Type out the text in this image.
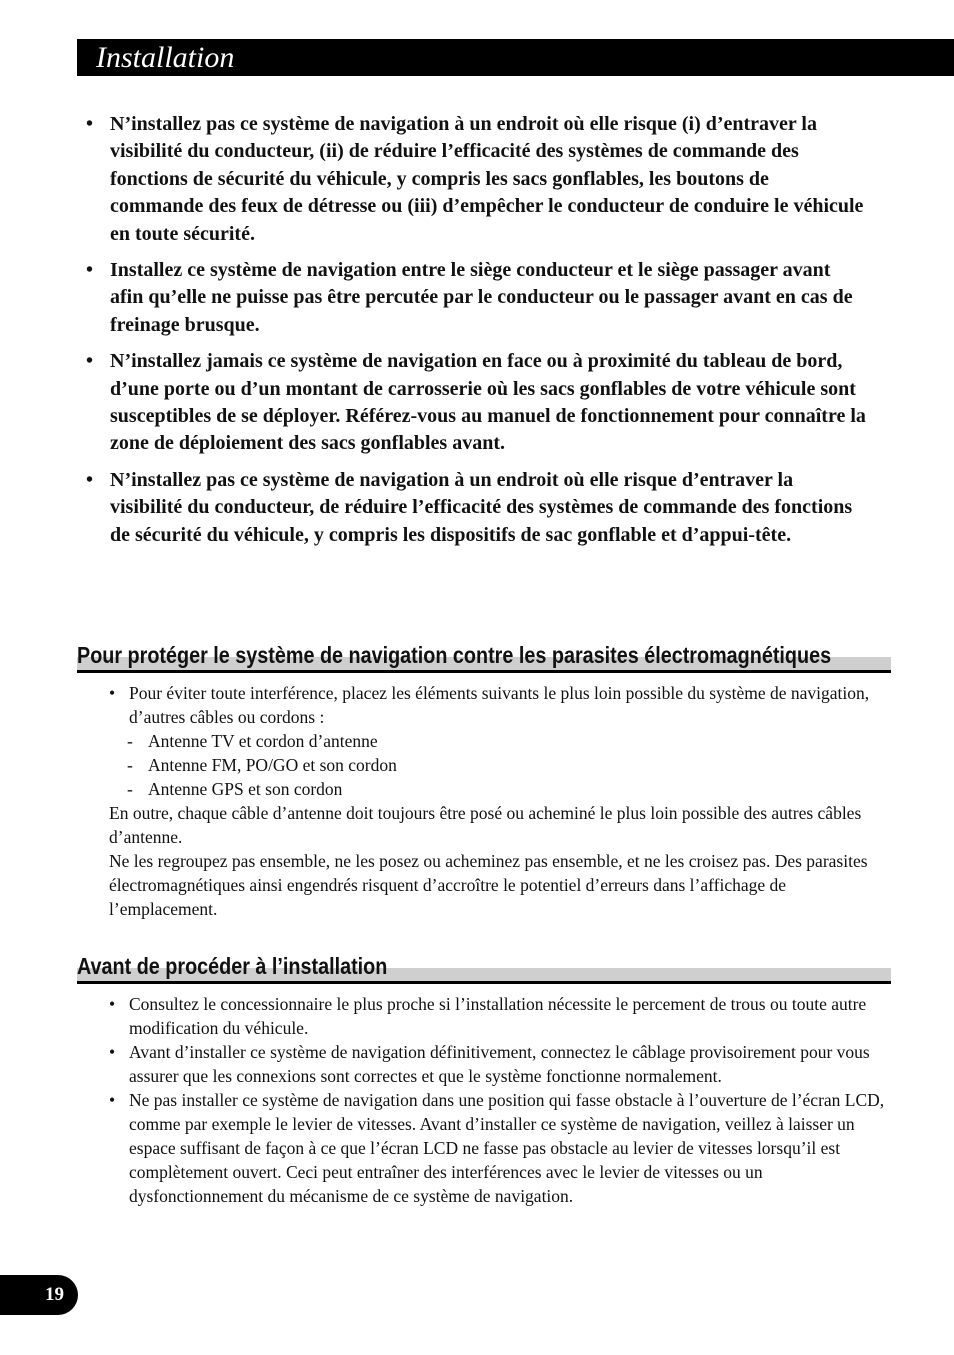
Installation
• N’installez pas ce système de navigation à un endroit où elle risque (i) d’entraver la visibilité du conducteur, (ii) de réduire l’efficacité des systèmes de commande des fonctions de sécurité du véhicule, y compris les sacs gonflables, les boutons de commande des feux de détresse ou (iii) d’empêcher le conducteur de conduire le véhicule en toute sécurité.
• Installez ce système de navigation entre le siège conducteur et le siège passager avant afin qu’elle ne puisse pas être percutée par le conducteur ou le passager avant en cas de freinage brusque.
• N’installez jamais ce système de navigation en face ou à proximité du tableau de bord, d’une porte ou d’un montant de carrosserie où les sacs gonflables de votre véhicule sont susceptibles de se déployer. Référez-vous au manuel de fonctionnement pour connaître la zone de déploiement des sacs gonflables avant.
• N’installez pas ce système de navigation à un endroit où elle risque d’entraver la visibilité du conducteur, de réduire l’efficacité des systèmes de commande des fonctions de sécurité du véhicule, y compris les dispositifs de sac gonflable et d’appui-tête.
Pour protéger le système de navigation contre les parasites électromagnétiques

• Pour éviter toute interférence, placez les éléments suivants le plus loin possible du système de navigation, d’autres câbles ou cordons :

- Antenne TV et cordon d’antenne

- Antenne FM, PO/GO et son cordon

- Antenne GPS et son cordon

En outre, chaque câble d’antenne doit toujours être posé ou acheminé le plus loin possible des autres câbles d’antenne.

Ne les regroupez pas ensemble, ne les posez ou acheminez pas ensemble, et ne les croisez pas. Des parasites électromagnétiques ainsi engendrés risquent d’accroître le potentiel d’erreurs dans l’affichage de l’emplacement.

Avant de procéder à l’installation

• Consultez le concessionnaire le plus proche si l’installation nécessite le percement de trous ou toute autre modification du véhicule.

• Avant d’installer ce système de navigation définitivement, connectez le câblage provisoirement pour vous assurer que les connexions sont correctes et que le système fonctionne normalement.

• Ne pas installer ce système de navigation dans une position qui fasse obstacle à l’ouverture de l’écran LCD, comme par exemple le levier de vitesses. Avant d’installer ce système de navigation, veillez à laisser un espace suffisant de façon à ce que l’écran LCD ne fasse pas obstacle au levier de vitesses lorsqu’il est complètement ouvert. Ceci peut entraîner des interférences avec le levier de vitesses ou un dysfonctionnement du mécanisme de ce système de navigation.

19
